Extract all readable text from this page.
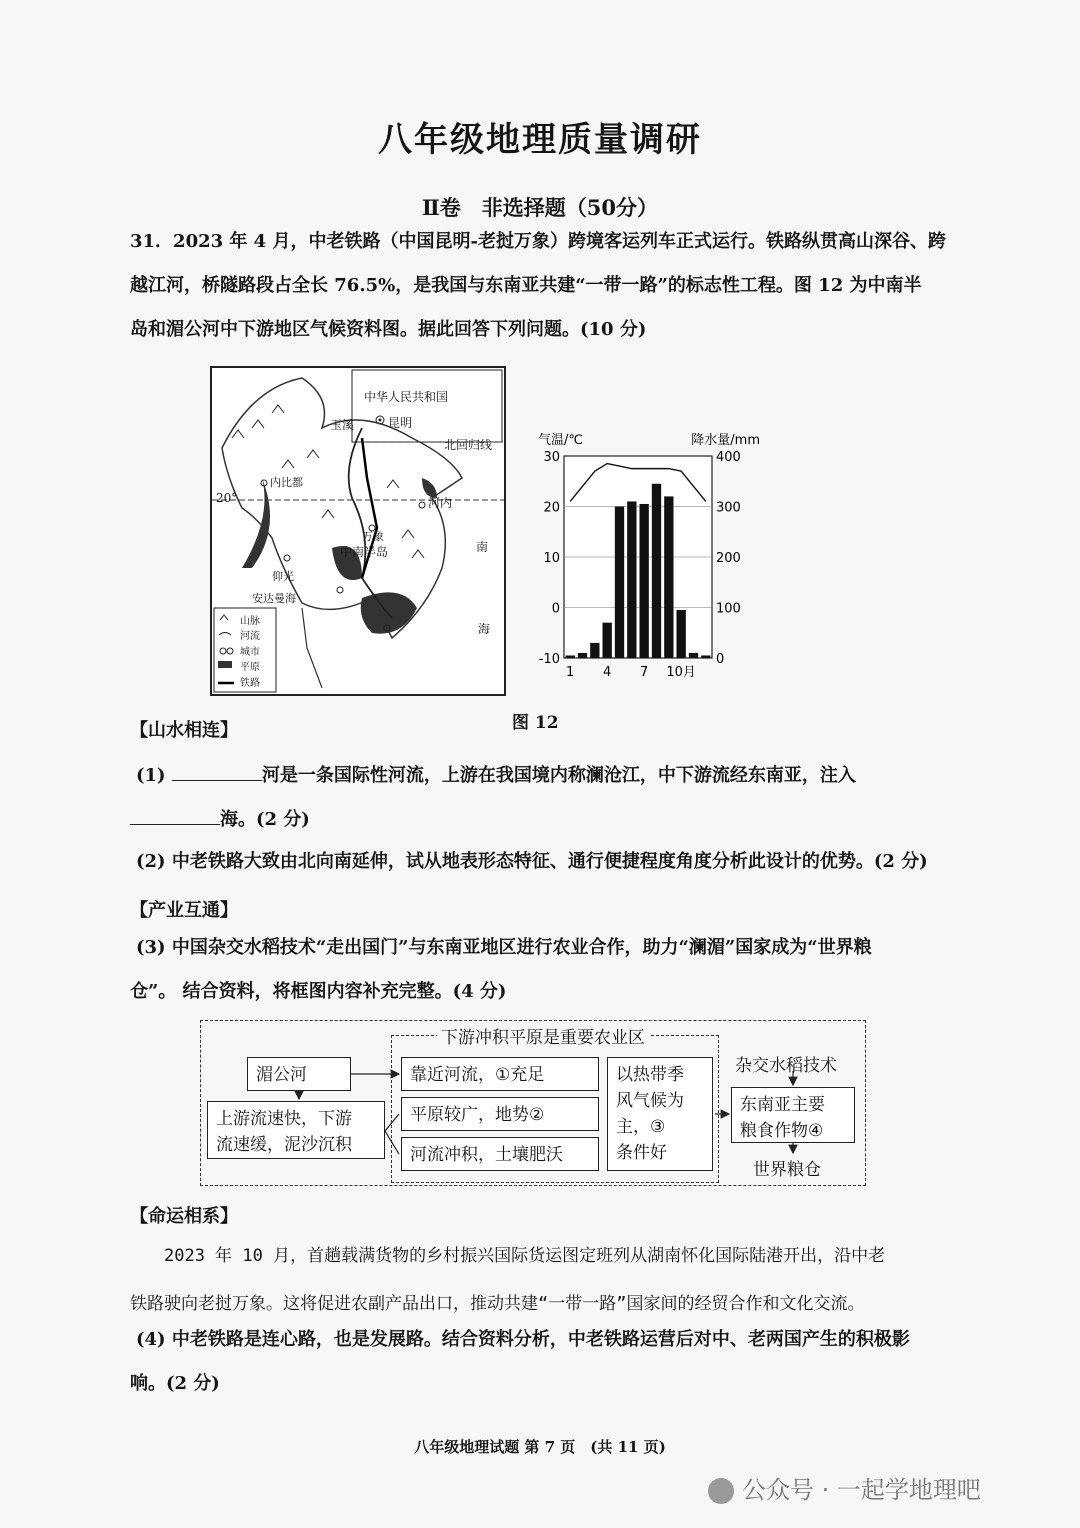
八年级地理质量调研
Ⅱ卷　非选择题（50分）
31．2023 年 4 月，中老铁路（中国昆明-老挝万象）跨境客运列车正式运行。铁路纵贯高山深谷、跨
越江河，桥隧路段占全长 76.5%，是我国与东南亚共建“一带一路”的标志性工程。图 12 为中南半
岛和湄公河中下游地区气候资料图。据此回答下列问题。(10 分)
中华人民共和国
玉溪	昆明
北回归线
20°
内比都
河内
万象
仰光
中南半岛
安达曼海
南
海
山脉
河流
城市
平原
铁路
30
20
10
0
-10
400
300
200
100
0
气温/℃	降水量/mm
1 4 7 10月
图 12
【山水相连】
(1)	河是一条国际性河流，上游在我国境内称澜沧江，中下游流经东南亚，注入
海。(2 分)
(2) 中老铁路大致由北向南延伸，试从地表形态特征、通行便捷程度角度分析此设计的优势。(2 分)
【产业互通】
(3) 中国杂交水稻技术“走出国门”与东南亚地区进行农业合作，助力“澜湄”国家成为“世界粮
仓”。 结合资料，将框图内容补充完整。(4 分)
下游冲积平原是重要农业区
湄公河
上游流速快，下游
流速缓，泥沙沉积
靠近河流，①充足
平原较广，地势②
河流冲积，土壤肥沃
以热带季
风气候为
主，③
条件好
杂交水稻技术
东南亚主要
粮食作物④
世界粮仓
【命运相系】
　　2023 年 10 月，首趟载满货物的乡村振兴国际货运图定班列从湖南怀化国际陆港开出，沿中老
铁路驶向老挝万象。这将促进农副产品出口，推动共建“一带一路”国家间的经贸合作和文化交流。
(4) 中老铁路是连心路，也是发展路。结合资料分析，中老铁路运营后对中、老两国产生的积极影
响。(2 分)
八年级地理试题 第 7 页　(共 11 页)
公众号 · 一起学地理吧
